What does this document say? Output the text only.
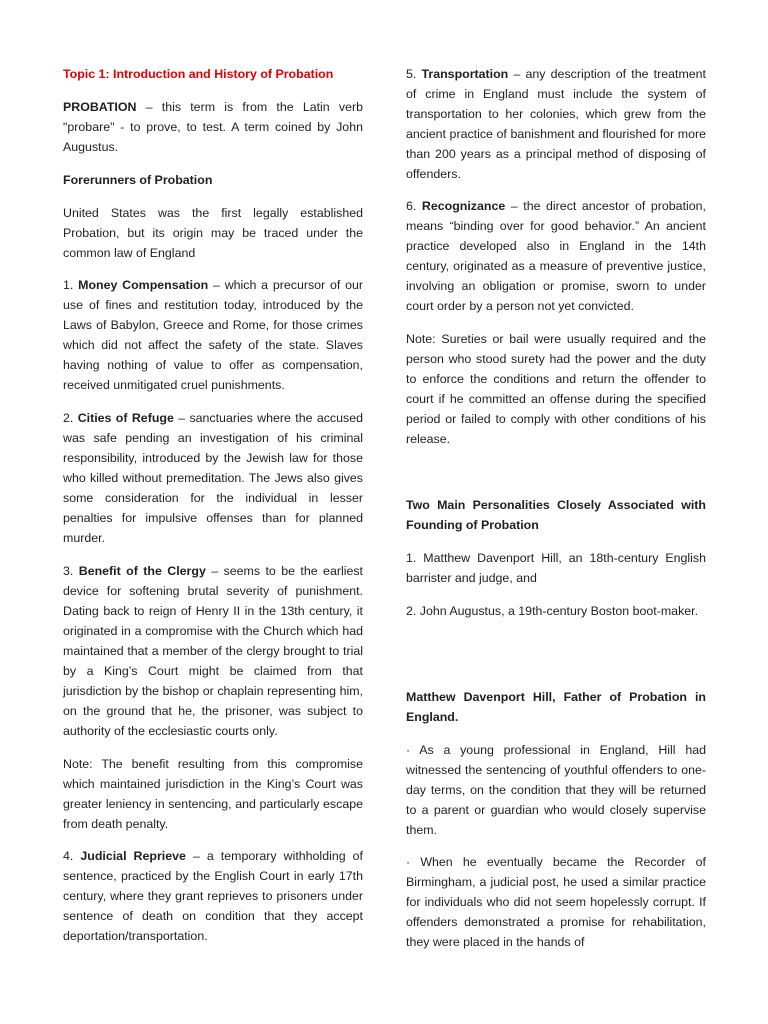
Topic 1: Introduction and History of Probation

PROBATION – this term is from the Latin verb "probare" - to prove, to test. A term coined by John Augustus.

Forerunners of Probation

United States was the first legally established Probation, but its origin may be traced under the common law of England

1. Money Compensation – which a precursor of our use of fines and restitution today, introduced by the Laws of Babylon, Greece and Rome, for those crimes which did not affect the safety of the state. Slaves having nothing of value to offer as compensation, received unmitigated cruel punishments.

2. Cities of Refuge – sanctuaries where the accused was safe pending an investigation of his criminal responsibility, introduced by the Jewish law for those who killed without premeditation. The Jews also gives some consideration for the individual in lesser penalties for impulsive offenses than for planned murder.

3. Benefit of the Clergy – seems to be the earliest device for softening brutal severity of punishment. Dating back to reign of Henry II in the 13th century, it originated in a compromise with the Church which had maintained that a member of the clergy brought to trial by a King’s Court might be claimed from that jurisdiction by the bishop or chaplain representing him, on the ground that he, the prisoner, was subject to authority of the ecclesiastic courts only.

Note: The benefit resulting from this compromise which maintained jurisdiction in the King’s Court was greater leniency in sentencing, and particularly escape from death penalty.

4. Judicial Reprieve – a temporary withholding of sentence, practiced by the English Court in early 17th century, where they grant reprieves to prisoners under sentence of death on condition that they accept deportation/transportation.

5. Transportation – any description of the treatment of crime in England must include the system of transportation to her colonies, which grew from the ancient practice of banishment and flourished for more than 200 years as a principal method of disposing of offenders.

6. Recognizance – the direct ancestor of probation, means “binding over for good behavior.” An ancient practice developed also in England in the 14th century, originated as a measure of preventive justice, involving an obligation or promise, sworn to under court order by a person not yet convicted.

Note: Sureties or bail were usually required and the person who stood surety had the power and the duty to enforce the conditions and return the offender to court if he committed an offense during the specified period or failed to comply with other conditions of his release.

Two Main Personalities Closely Associated with Founding of Probation

1. Matthew Davenport Hill, an 18th-century English barrister and judge, and

2. John Augustus, a 19th-century Boston boot-maker.

Matthew Davenport Hill, Father of Probation in England.

· As a young professional in England, Hill had witnessed the sentencing of youthful offenders to one-day terms, on the condition that they will be returned to a parent or guardian who would closely supervise them.

· When he eventually became the Recorder of Birmingham, a judicial post, he used a similar practice for individuals who did not seem hopelessly corrupt. If offenders demonstrated a promise for rehabilitation, they were placed in the hands of
